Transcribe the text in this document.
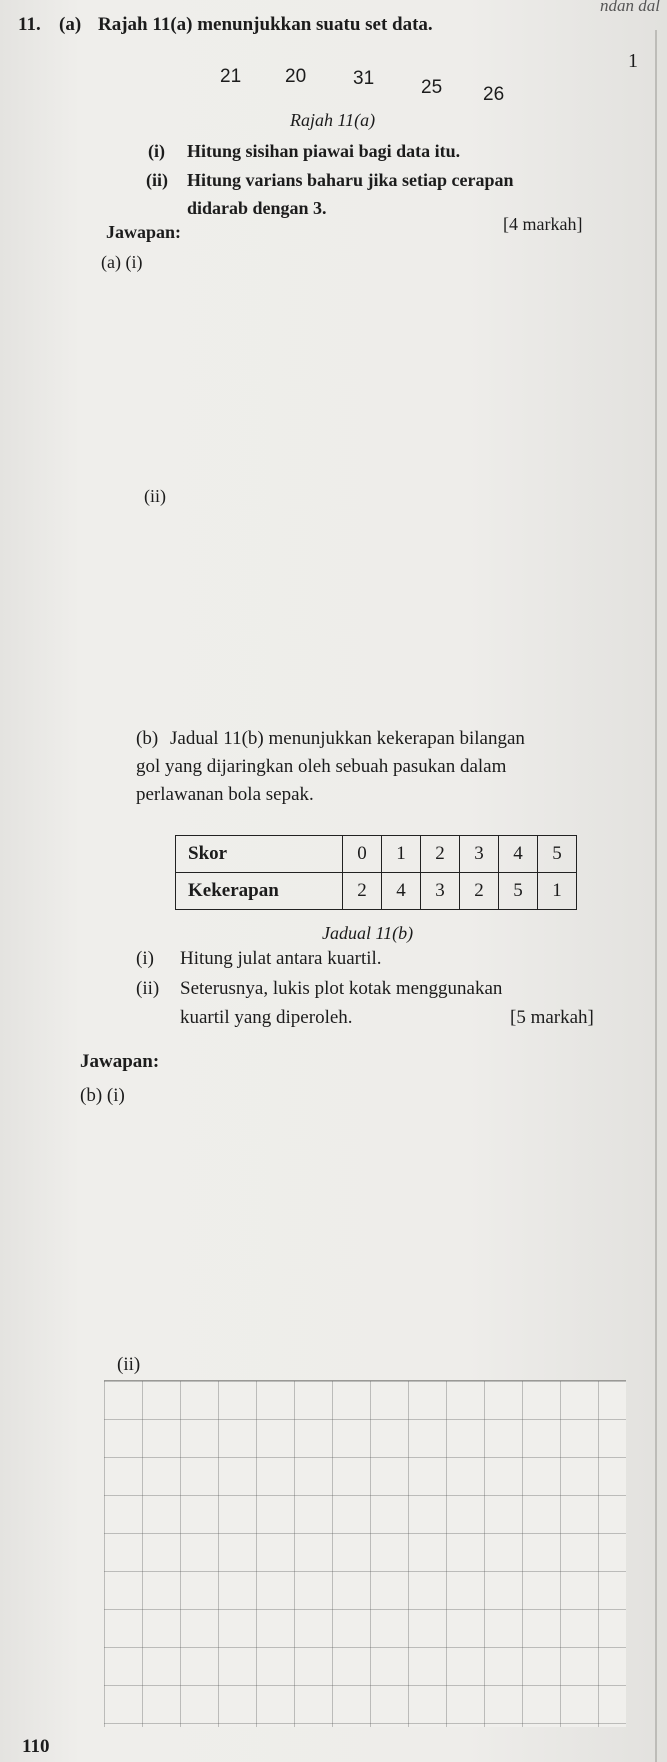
ndan dal
1
11. (a) Rajah 11(a) menunjukkan suatu set data.
21 20 31 25 26
Rajah 11(a)
(i) Hitung sisihan piawai bagi data itu.
(ii) Hitung varians baharu jika setiap cerapan
didarab dengan 3.
Jawapan:	[4 markah]
(a) (i)
(ii)
(b) Jadual 11(b) menunjukkan kekerapan bilangan
gol yang dijaringkan oleh sebuah pasukan dalam
perlawanan bola sepak.
Skor	0	1	2	3	4	5
Kekerapan	2	4	3	2	5	1
Jadual 11(b)
(i) Hitung julat antara kuartil.
(ii) Seterusnya, lukis plot kotak menggunakan
kuartil yang diperoleh.	[5 markah]
Jawapan:
(b) (i)
(ii)
110
